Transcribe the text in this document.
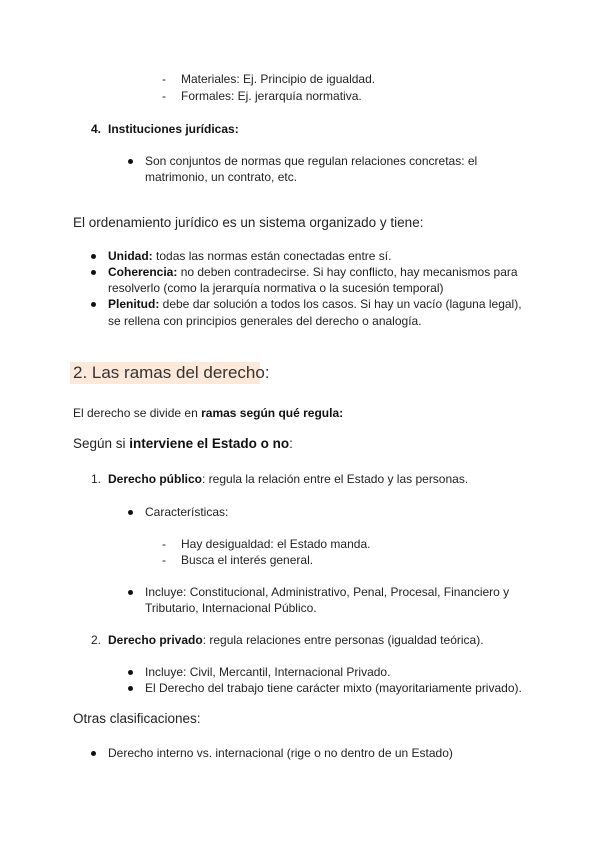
- Materiales: Ej. Principio de igualdad.
- Formales: Ej. jerarquía normativa.
4. Instituciones jurídicas:
Son conjuntos de normas que regulan relaciones concretas: el
matrimonio, un contrato, etc.
El ordenamiento jurídico es un sistema organizado y tiene:
Unidad: todas las normas están conectadas entre sí.
Coherencia: no deben contradecirse. Si hay conflicto, hay mecanismos para
resolverlo (como la jerarquía normativa o la sucesión temporal)
Plenitud: debe dar solución a todos los casos. Si hay un vacío (laguna legal),
se rellena con principios generales del derecho o analogía.
2. Las ramas del derecho:
El derecho se divide en ramas según qué regula:
Según si interviene el Estado o no:
1. Derecho público: regula la relación entre el Estado y las personas.
Características:
- Hay desigualdad: el Estado manda.
- Busca el interés general.
Incluye: Constitucional, Administrativo, Penal, Procesal, Financiero y
Tributario, Internacional Público.
2. Derecho privado: regula relaciones entre personas (igualdad teórica).
Incluye: Civil, Mercantil, Internacional Privado.
El Derecho del trabajo tiene carácter mixto (mayoritariamente privado).
Otras clasificaciones:
Derecho interno vs. internacional (rige o no dentro de un Estado)
